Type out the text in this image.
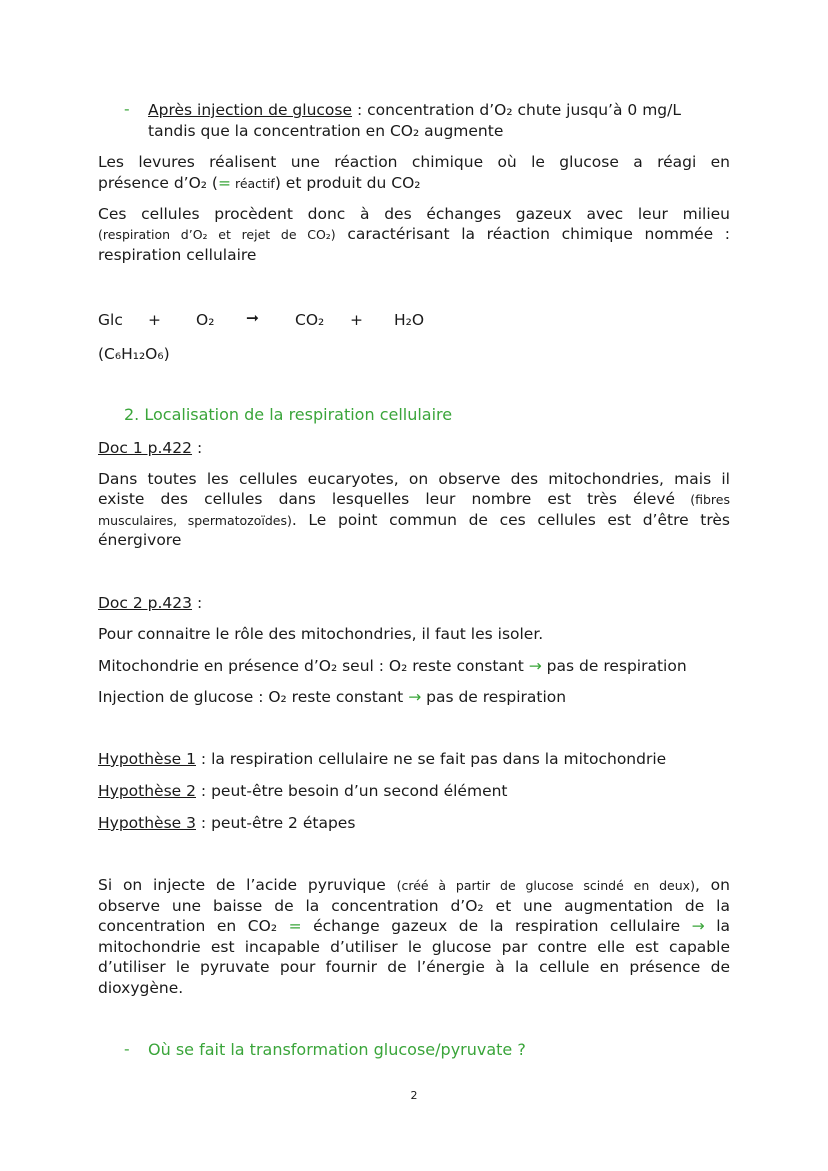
- Après injection de glucose : concentration d’O₂ chute jusqu’à 0 mg/L
tandis que la concentration en CO₂ augmente
Les levures réalisent une réaction chimique où le glucose a réagi en
présence d’O₂ (= réactif) et produit du CO₂
Ces cellules procèdent donc à des échanges gazeux avec leur milieu
(respiration d’O₂ et rejet de CO₂) caractérisant la réaction chimique nommée :
respiration cellulaire
Glc + O₂ ➞ CO₂ + H₂O
(C₆H₁₂O₆)
2. Localisation de la respiration cellulaire
Doc 1 p.422 :
Dans toutes les cellules eucaryotes, on observe des mitochondries, mais il
existe des cellules dans lesquelles leur nombre est très élevé (fibres
musculaires, spermatozoïdes). Le point commun de ces cellules est d’être très
énergivore
Doc 2 p.423 :
Pour connaitre le rôle des mitochondries, il faut les isoler.
Mitochondrie en présence d’O₂ seul : O₂ reste constant → pas de respiration
Injection de glucose : O₂ reste constant → pas de respiration
Hypothèse 1 : la respiration cellulaire ne se fait pas dans la mitochondrie
Hypothèse 2 : peut-être besoin d’un second élément
Hypothèse 3 : peut-être 2 étapes
Si on injecte de l’acide pyruvique (créé à partir de glucose scindé en deux), on
observe une baisse de la concentration d’O₂ et une augmentation de la
concentration en CO₂ = échange gazeux de la respiration cellulaire → la
mitochondrie est incapable d’utiliser le glucose par contre elle est capable
d’utiliser le pyruvate pour fournir de l’énergie à la cellule en présence de
dioxygène.
- Où se fait la transformation glucose/pyruvate ?
2
